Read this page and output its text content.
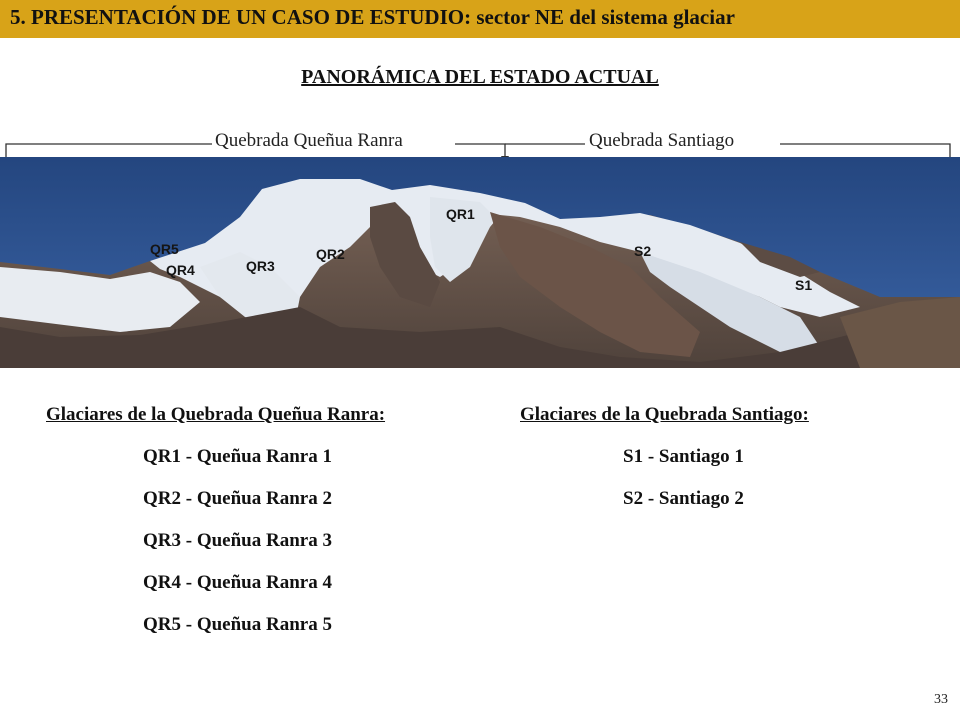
5. PRESENTACIÓN DE UN CASO DE ESTUDIO: sector NE del sistema glaciar
PANORÁMICA DEL ESTADO ACTUAL
Quebrada Queñua Ranra	Quebrada Santiago
QR1
QR2
QR3
QR4
QR5	S2
S1
Glaciares de la Quebrada Queñua Ranra:
QR1 - Queñua Ranra 1
QR2 - Queñua Ranra 2
QR3 - Queñua Ranra 3
QR4 - Queñua Ranra 4
QR5 - Queñua Ranra 5
Glaciares de la Quebrada Santiago:
S1 - Santiago 1
S2 - Santiago 2
33
